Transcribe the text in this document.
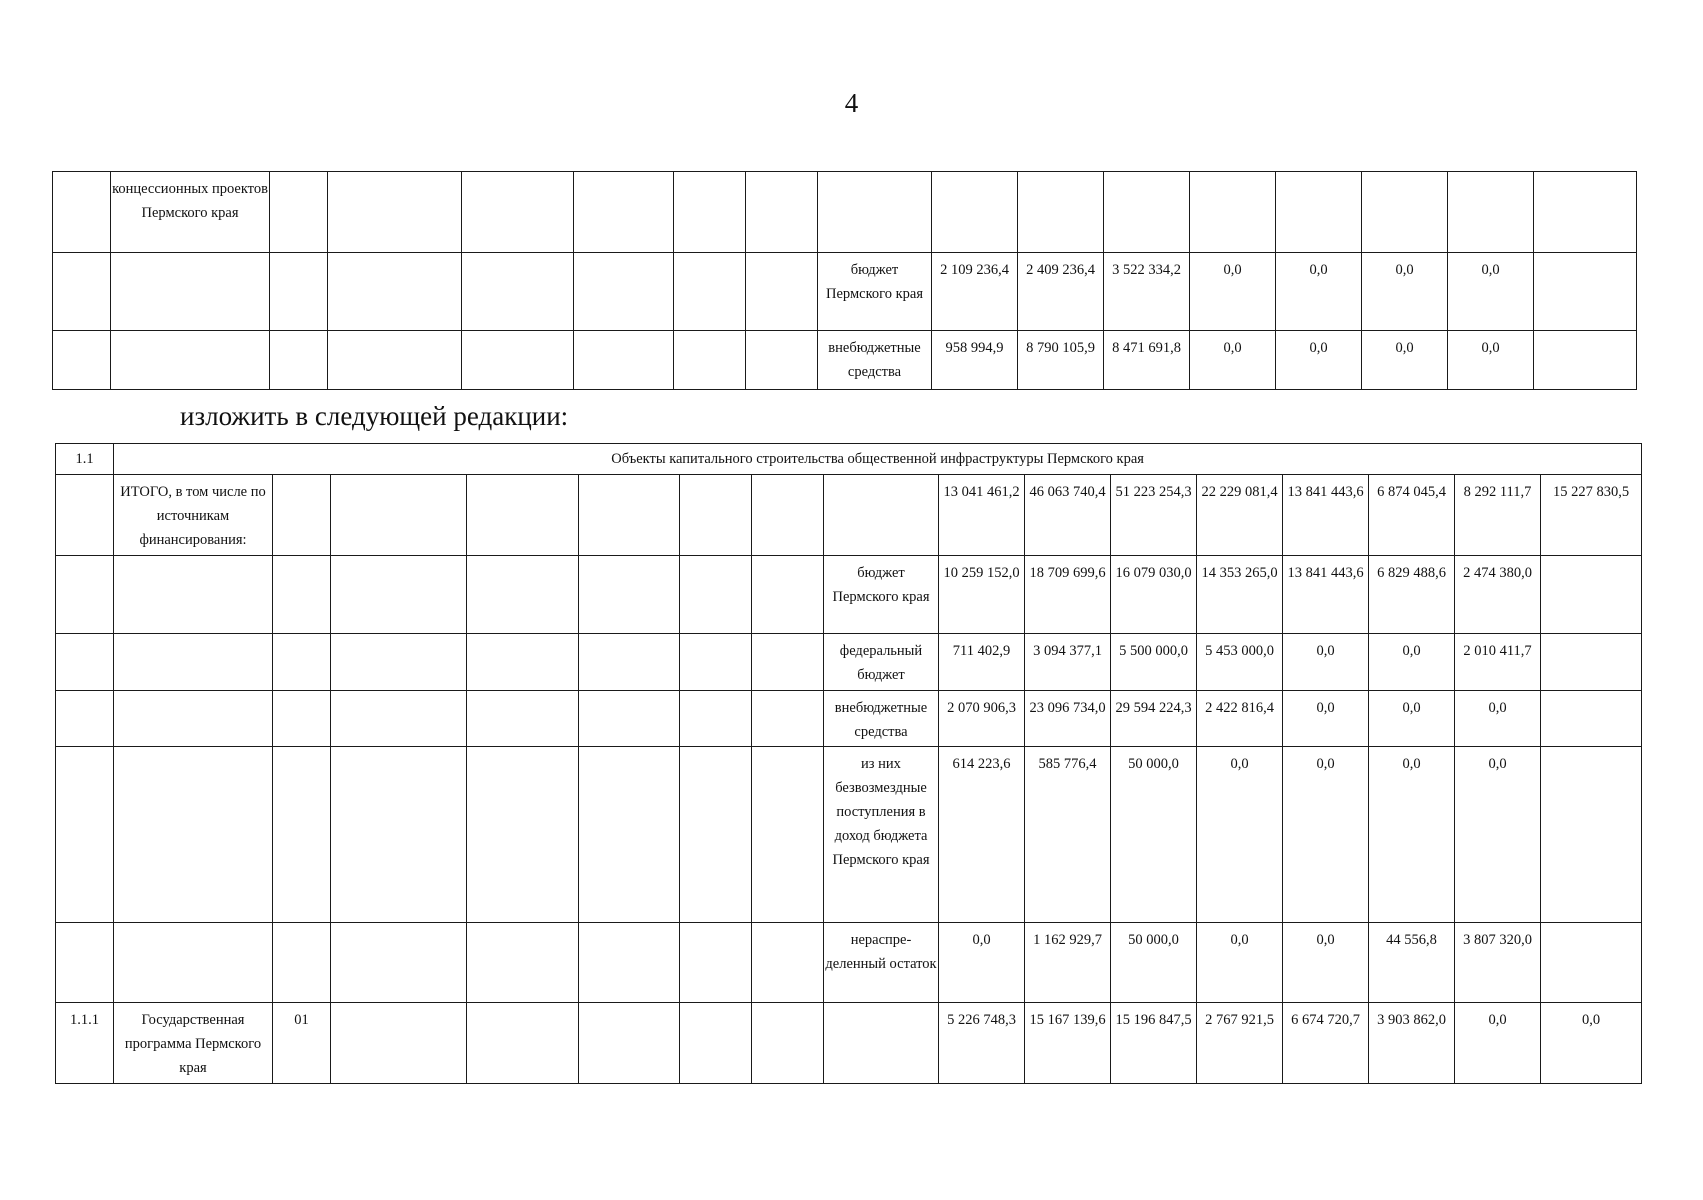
4
	концессионных проектов Пермского края															
								бюджет Пермского края	2 109 236,4	2 409 236,4	3 522 334,2	0,0	0,0	0,0	0,0	
								внебюджетные средства	958 994,9	8 790 105,9	8 471 691,8	0,0	0,0	0,0	0,0	
изложить в следующей редакции:
1.1	Объекты капитального строительства общественной инфраструктуры Пермского края															
	ИТОГО, в том числе по источникам финансирования:								13 041 461,2	46 063 740,4	51 223 254,3	22 229 081,4	13 841 443,6	6 874 045,4	8 292 111,7	15 227 830,5
								бюджет Пермского края	10 259 152,0	18 709 699,6	16 079 030,0	14 353 265,0	13 841 443,6	6 829 488,6	2 474 380,0	
								федеральный бюджет	711 402,9	3 094 377,1	5 500 000,0	5 453 000,0	0,0	0,0	2 010 411,7	
								внебюджетные средства	2 070 906,3	23 096 734,0	29 594 224,3	2 422 816,4	0,0	0,0	0,0	
								из них безвозмездные поступления в доход бюджета Пермского края	614 223,6	585 776,4	50 000,0	0,0	0,0	0,0	0,0	
								нераспре-деленный остаток	0,0	1 162 929,7	50 000,0	0,0	0,0	44 556,8	3 807 320,0	
1.1.1	Государственная программа Пермского края	01							5 226 748,3	15 167 139,6	15 196 847,5	2 767 921,5	6 674 720,7	3 903 862,0	0,0	0,0
